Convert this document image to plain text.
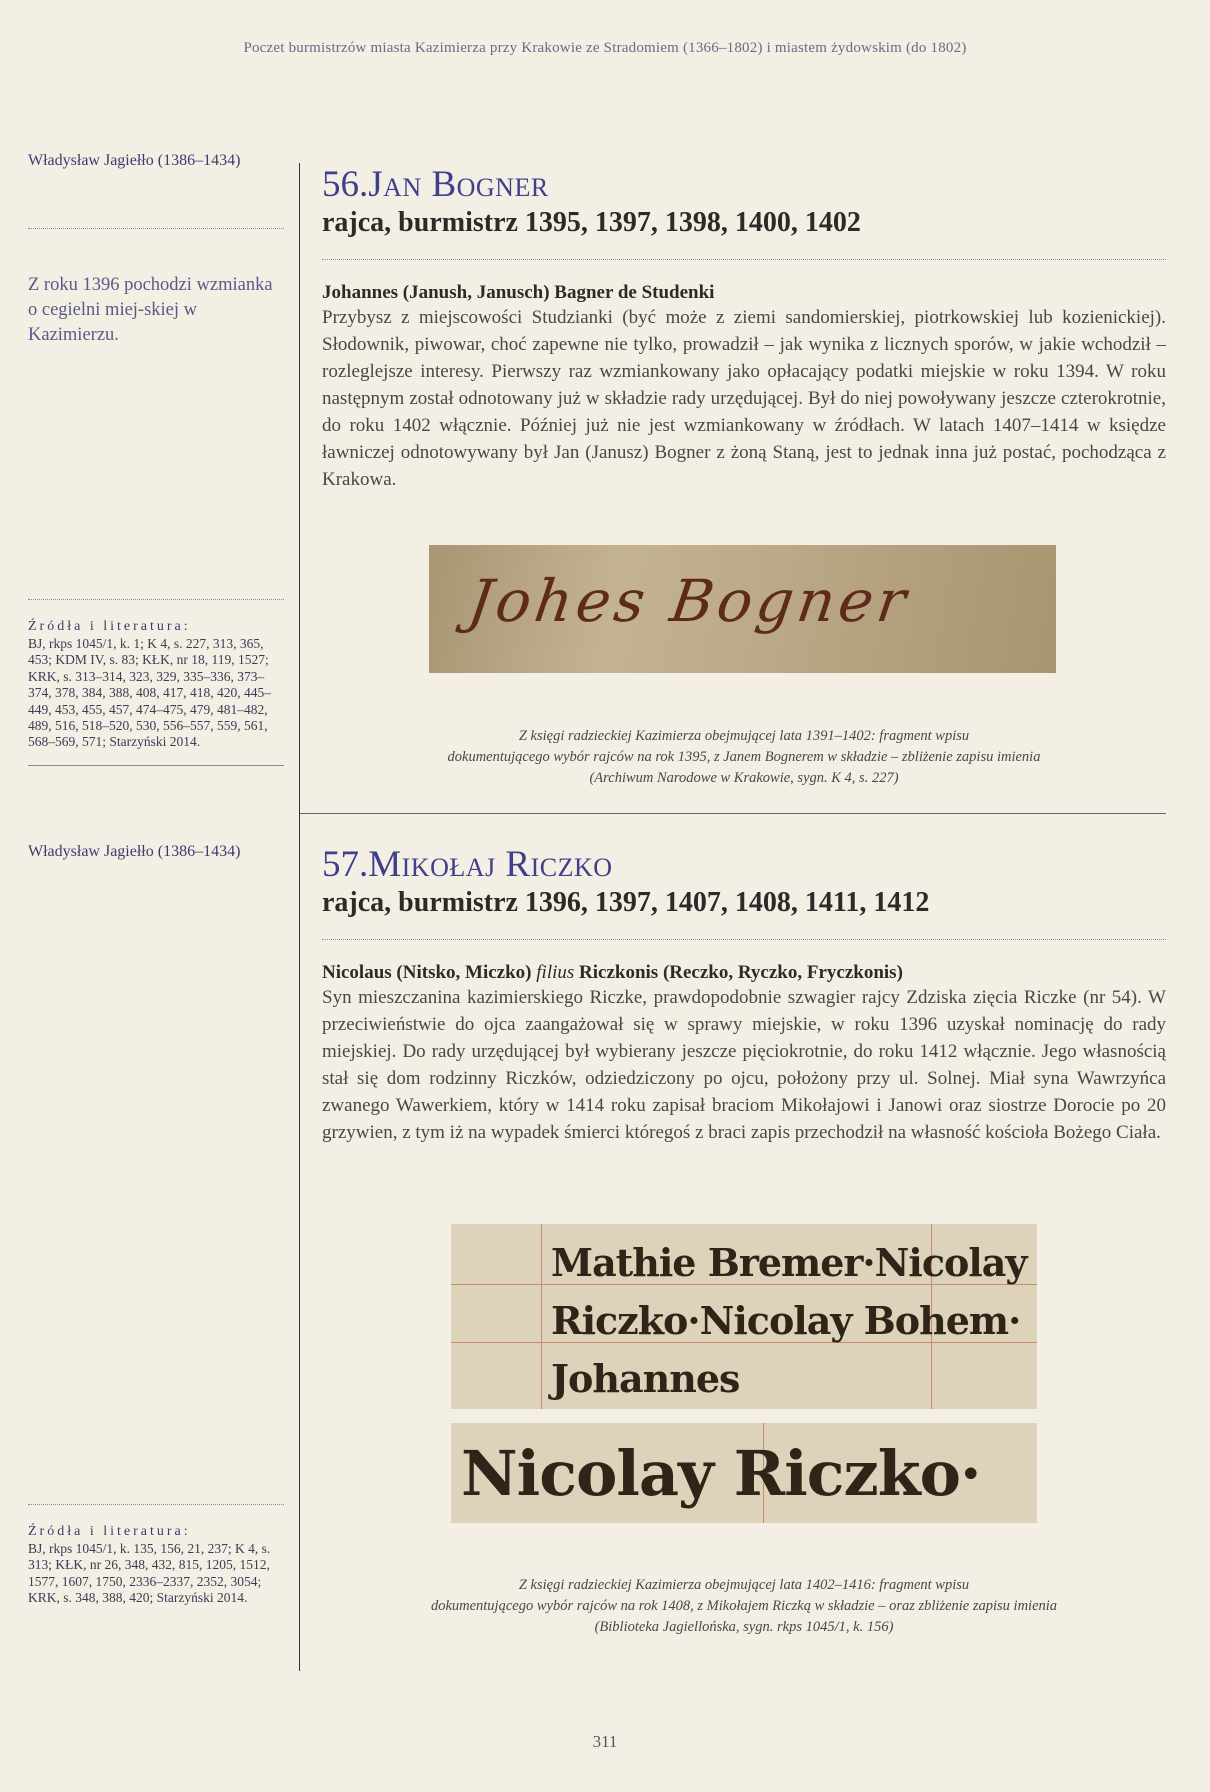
Poczet burmistrzów miasta Kazimierza przy Krakowie ze Stradomiem (1366–1802) i miastem żydowskim (do 1802)
Władysław Jagiełło (1386–1434)
Z roku 1396 pochodzi wzmianka o cegielni miej-skiej w Kazimierzu.
Źródła i literatura:
BJ, rkps 1045/1, k. 1; K 4, s. 227, 313, 365, 453; KDM IV, s. 83; KŁK, nr 18, 119, 1527; KRK, s. 313–314, 323, 329, 335–336, 373–374, 378, 384, 388, 408, 417, 418, 420, 445–449, 453, 455, 457, 474–475, 479, 481–482, 489, 516, 518–520, 530, 556–557, 559, 561, 568–569, 571; Starzyński 2014.
Władysław Jagiełło (1386–1434)
Źródła i literatura:
BJ, rkps 1045/1, k. 135, 156, 21, 237; K 4, s. 313; KŁK, nr 26, 348, 432, 815, 1205, 1512, 1577, 1607, 1750, 2336–2337, 2352, 3054; KRK, s. 348, 388, 420; Starzyński 2014.
56.Jan Bogner
rajca, burmistrz 1395, 1397, 1398, 1400, 1402
Johannes (Janush, Janusch) Bagner de Studenki
Przybysz z miejscowości Studzianki (być może z ziemi sandomierskiej, piotrkowskiej lub kozienickiej). Słodownik, piwowar, choć zapewne nie tylko, prowadził – jak wynika z licznych sporów, w jakie wchodził – rozleglejsze interesy. Pierwszy raz wzmiankowany jako opłacający podatki miejskie w roku 1394. W roku następnym został odnotowany już w składzie rady urzędującej. Był do niej powoływany jeszcze czterokrotnie, do roku 1402 włącznie. Później już nie jest wzmiankowany w źródłach. W latach 1407–1414 w księdze ławniczej odnotowywany był Jan (Janusz) Bogner z żoną Staną, jest to jednak inna już postać, pochodząca z Krakowa.
Johes Bogner
Z księgi radzieckiej Kazimierza obejmującej lata 1391–1402: fragment wpisu
dokumentującego wybór rajców na rok 1395, z Janem Bognerem w składzie – zbliżenie zapisu imienia
(Archiwum Narodowe w Krakowie, sygn. K 4, s. 227)
57.Mikołaj Riczko
rajca, burmistrz 1396, 1397, 1407, 1408, 1411, 1412
Nicolaus (Nitsko, Miczko) filius Riczkonis (Reczko, Ryczko, Fryczkonis)
Syn mieszczanina kazimierskiego Riczke, prawdopodobnie szwagier rajcy Zdziska zięcia Riczke (nr 54). W przeciwieństwie do ojca zaangażował się w sprawy miejskie, w roku 1396 uzyskał nominację do rady miejskiej. Do rady urzędującej był wybierany jeszcze pięciokrotnie, do roku 1412 włącznie. Jego własnością stał się dom rodzinny Riczków, odziedziczony po ojcu, położony przy ul. Solnej. Miał syna Wawrzyńca zwanego Wawerkiem, który w 1414 roku zapisał braciom Mikołajowi i Janowi oraz siostrze Dorocie po 20 grzywien, z tym iż na wypadek śmierci któregoś z braci zapis przechodził na własność kościoła Bożego Ciała.
Mathie Bremer·Nicolay
Riczko·Nicolay Bohem·
Johannes
Nicolay Riczko·
Z księgi radzieckiej Kazimierza obejmującej lata 1402–1416: fragment wpisu
dokumentującego wybór rajców na rok 1408, z Mikołajem Riczką w składzie – oraz zbliżenie zapisu imienia
(Biblioteka Jagiellońska, sygn. rkps 1045/1, k. 156)
311
